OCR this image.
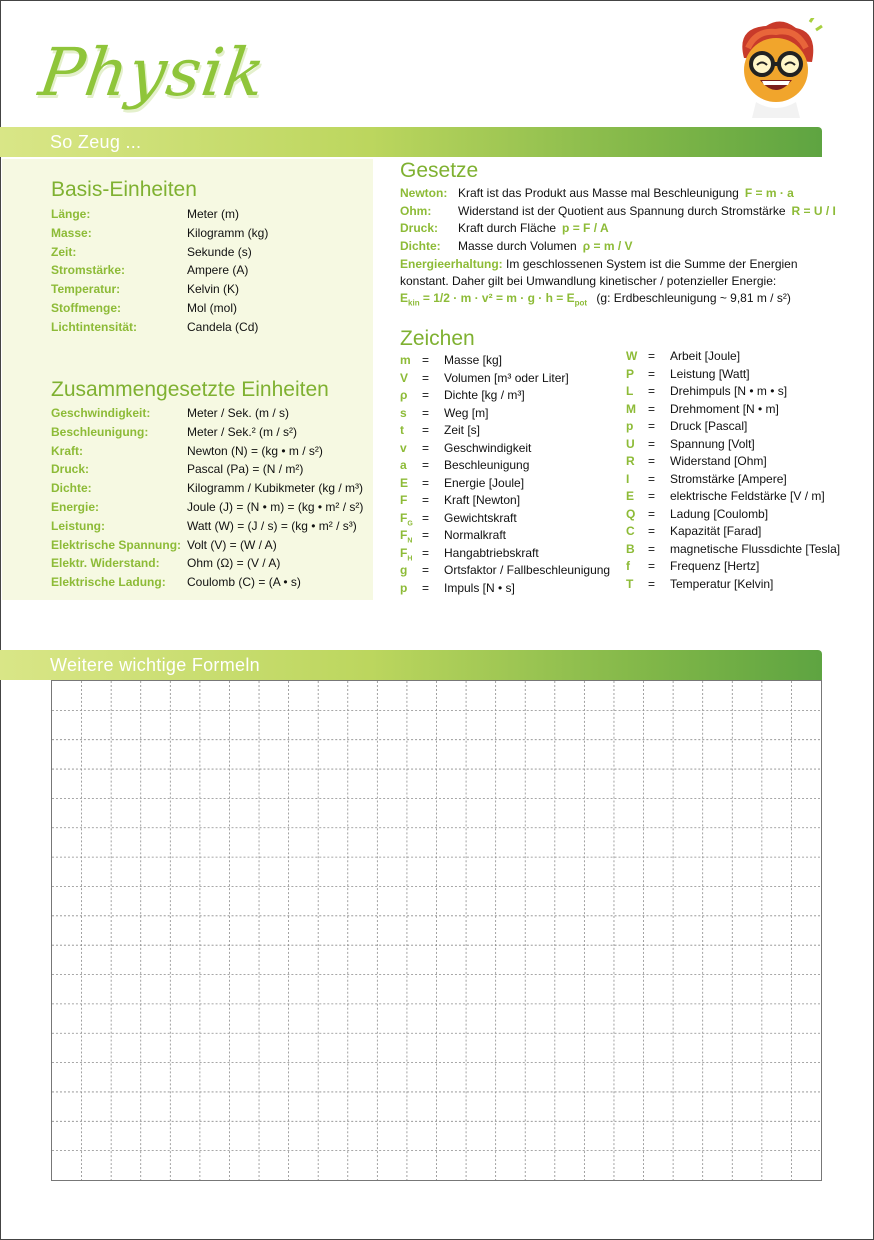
Physik
So Zeug ...
Basis-Einheiten
Länge:	Meter (m)
Masse:	Kilogramm (kg)
Zeit:	Sekunde (s)
Stromstärke:	Ampere (A)
Temperatur:	Kelvin (K)
Stoffmenge:	Mol (mol)
Lichtintensität:	Candela (Cd)
Zusammengesetzte Einheiten
Geschwindigkeit:	Meter / Sek. (m / s)
Beschleunigung:	Meter / Sek.² (m / s²)
Kraft:	Newton (N) = (kg • m / s²)
Druck:	Pascal (Pa) = (N / m²)
Dichte:	Kilogramm / Kubikmeter (kg / m³)
Energie:	Joule (J) = (N • m) = (kg • m² / s²)
Leistung:	Watt (W) = (J / s) = (kg • m² / s³)
Elektrische Spannung: Volt (V) = (W / A)
Elektr. Widerstand: Ohm (Ω) = (V / A)
Elektrische Ladung: Coulomb (C) = (A • s)
Gesetze
Newton: Kraft ist das Produkt aus Masse mal Beschleunigung F = m · a
Ohm: Widerstand ist der Quotient aus Spannung durch Stromstärke R = U / I
Druck: Kraft durch Fläche p = F / A
Dichte: Masse durch Volumen ρ = m / V
Energieerhaltung: Im geschlossenen System ist die Summe der Energien konstant. Daher gilt bei Umwandlung kinetischer / potenzieller Energie:
$E_{kin} = 1/2 \cdot m \cdot v^2 = m \cdot g \cdot h = E_{pot}$ (g: Erdbeschleunigung ~ 9,81 m / s²)
Zeichen
m = Masse [kg]
V = Volumen [m³ oder Liter]
ρ = Dichte [kg / m³]
s = Weg [m]
t = Zeit [s]
v = Geschwindigkeit
a = Beschleunigung
E = Energie [Joule]
F = Kraft [Newton]
$F_G$ = Gewichtskraft
$F_N$ = Normalkraft
$F_H$ = Hangabtriebskraft
g = Ortsfaktor / Fallbeschleunigung
p = Impuls [N • s]
W = Arbeit [Joule]
P = Leistung [Watt]
L = Drehimpuls [N • m • s]
M = Drehmoment [N • m]
p = Druck [Pascal]
U = Spannung [Volt]
R = Widerstand [Ohm]
I = Stromstärke [Ampere]
E = elektrische Feldstärke [V / m]
Q = Ladung [Coulomb]
C = Kapazität [Farad]
B = magnetische Flussdichte [Tesla]
f = Frequenz [Hertz]
T = Temperatur [Kelvin]
Weitere wichtige Formeln
